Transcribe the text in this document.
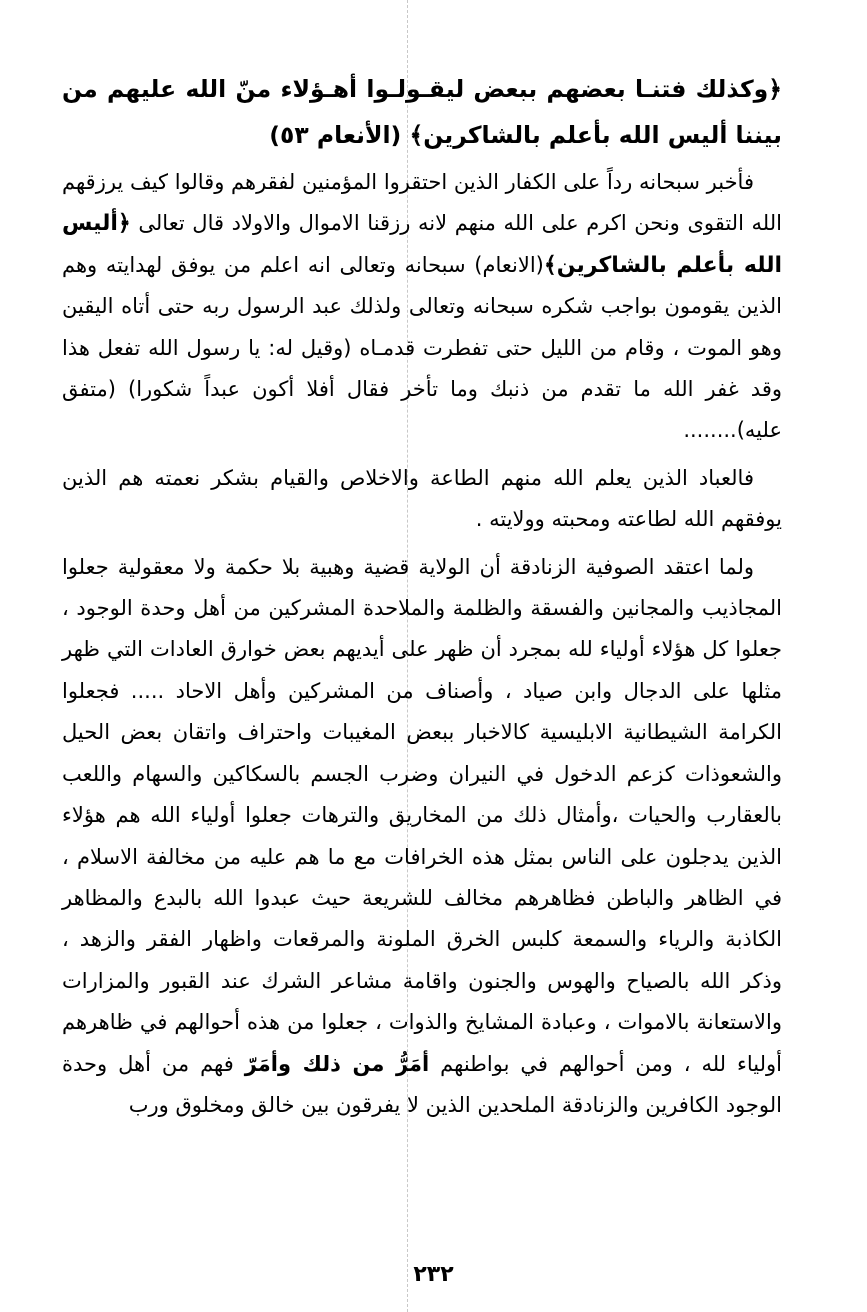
﴿وكذلك فتنـا بعضهم ببعض ليقـولـوا أهـؤلاء منّ الله عليهم من بيننا أليس الله بأعلم بالشاكرين﴾ (الأنعام ٥٣)

فأخبر سبحانه رداً على الكفار الذين احتقروا المؤمنين لفقرهم وقالوا كيف يرزقهم الله التقوى ونحن اكرم على الله منهم لانه رزقنا الاموال والاولاد قال تعالى ﴿أليس الله بأعلم بالشاكرين﴾(الانعام) سبحانه وتعالى انه اعلم من يوفق لهدايته وهم الذين يقومون بواجب شكره سبحانه وتعالى ولذلك عبد الرسول ربه حتى أتاه اليقين وهو الموت ، وقام من الليل حتى تفطرت قدمـاه (وقيل له: يا رسول الله تفعل هذا وقد غفر الله ما تقدم من ذنبك وما تأخر فقال أفلا أكون عبداً شكورا) (متفق عليه)........

فالعباد الذين يعلم الله منهم الطاعة والاخلاص والقيام بشكر نعمته هم الذين يوفقهم الله لطاعته ومحبته وولايته .

ولما اعتقد الصوفية الزنادقة أن الولاية قضية وهبية بلا حكمة ولا معقولية جعلوا المجاذيب والمجانين والفسقة والظلمة والملاحدة المشركين من أهل وحدة الوجود ، جعلوا كل هؤلاء أولياء لله بمجرد أن ظهر على أيديهم بعض خوارق العادات التي ظهر مثلها على الدجال وابن صياد ، وأصناف من المشركين وأهل الاحاد ..... فجعلوا الكرامة الشيطانية الابليسية كالاخبار ببعض المغيبات واحتراف واتقان بعض الحيل والشعوذات كزعم الدخول في النيران وضرب الجسم بالسكاكين والسهام واللعب بالعقارب والحيات ،وأمثال ذلك من المخاريق والترهات جعلوا أولياء الله هم هؤلاء الذين يدجلون على الناس بمثل هذه الخرافات مع ما هم عليه من مخالفة الاسلام ، في الظاهر والباطن فظاهرهم مخالف للشريعة حيث عبدوا الله بالبدع والمظاهر الكاذبة والرياء والسمعة كلبس الخرق الملونة والمرقعات واظهار الفقر والزهد ، وذكر الله بالصياح والهوس والجنون واقامة مشاعر الشرك عند القبور والمزارات والاستعانة بالاموات ، وعبادة المشايخ والذوات ، جعلوا من هذه أحوالهم في ظاهرهم أولياء لله ، ومن أحوالهم في بواطنهم أمَرُّ من ذلك وأمَرّ فهم من أهل وحدة الوجود الكافرين والزنادقة الملحدين الذين لا يفرقون بين خالق ومخلوق ورب

٢٣٢
